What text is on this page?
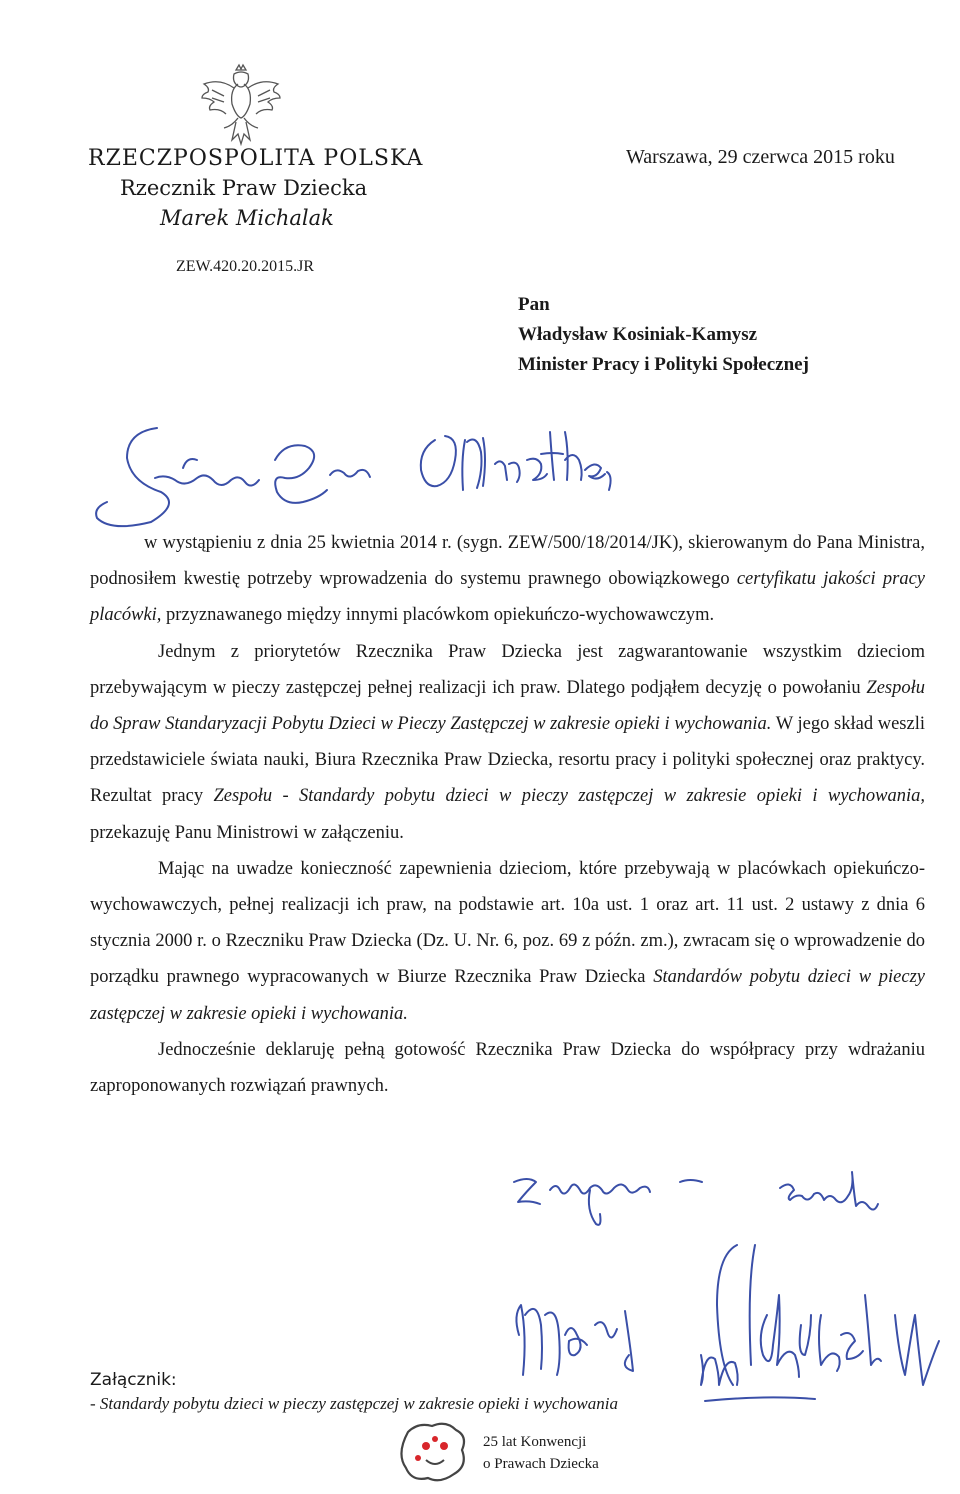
RZECZPOSPOLITA POLSKA
Rzecznik Praw Dziecka
Marek Michalak
Warszawa, 29 czerwca 2015 roku
ZEW.420.20.2015.JR
Pan
Władysław Kosiniak-Kamysz
Minister Pracy i Polityki Społecznej

w wystąpieniu z dnia 25 kwietnia 2014 r. (sygn. ZEW/500/18/2014/JK), skierowanym do Pana Ministra, podnosiłem kwestię potrzeby wprowadzenia do systemu prawnego obowiązkowego certyfikatu jakości pracy placówki, przyznawanego między innymi placówkom opiekuńczo-wychowawczym.

Jednym z priorytetów Rzecznika Praw Dziecka jest zagwarantowanie wszystkim dzieciom przebywającym w pieczy zastępczej pełnej realizacji ich praw. Dlatego podjąłem decyzję o powołaniu Zespołu do Spraw Standaryzacji Pobytu Dzieci w Pieczy Zastępczej w zakresie opieki i wychowania. W jego skład weszli przedstawiciele świata nauki, Biura Rzecznika Praw Dziecka, resortu pracy i polityki społecznej oraz praktycy. Rezultat pracy Zespołu - Standardy pobytu dzieci w pieczy zastępczej w zakresie opieki i wychowania, przekazuję Panu Ministrowi w załączeniu.

Mając na uwadze konieczność zapewnienia dzieciom, które przebywają w placówkach opiekuńczo-wychowawczych, pełnej realizacji ich praw, na podstawie art. 10a ust. 1 oraz art. 11 ust. 2 ustawy z dnia 6 stycznia 2000 r. o Rzeczniku Praw Dziecka (Dz. U. Nr. 6, poz. 69 z późn. zm.), zwracam się o wprowadzenie do porządku prawnego wypracowanych w Biurze Rzecznika Praw Dziecka Standardów pobytu dzieci w pieczy zastępczej w zakresie opieki i wychowania.

Jednocześnie deklaruję pełną gotowość Rzecznika Praw Dziecka do współpracy przy wdrażaniu zaproponowanych rozwiązań prawnych.

Załącznik:
- Standardy pobytu dzieci w pieczy zastępczej w zakresie opieki i wychowania
25 lat Konwencji
o Prawach Dziecka
